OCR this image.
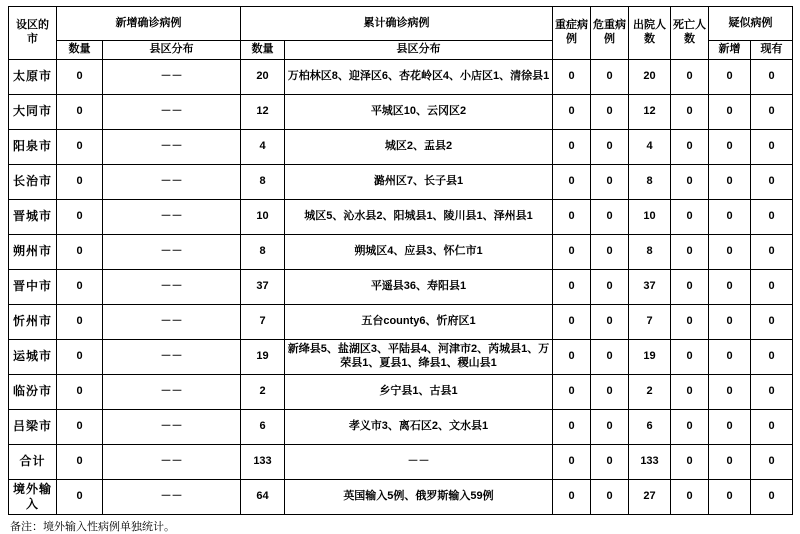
设区的市	新增确诊病例		累计确诊病例		重症病例	危重病例	出院人数	死亡人数	疑似病例	
	数量	县区分布	数量	县区分布					新增	现有
太原市	0	－－	20	万柏林区8、迎泽区6、杏花岭区4、小店区1、清徐县1	0	0	20	0	0	0
大同市	0	－－	12	平城区10、云冈区2	0	0	12	0	0	0
阳泉市	0	－－	4	城区2、盂县2	0	0	4	0	0	0
长治市	0	－－	8	潞州区7、长子县1	0	0	8	0	0	0
晋城市	0	－－	10	城区5、沁水县2、阳城县1、陵川县1、泽州县1	0	0	10	0	0	0
朔州市	0	－－	8	朔城区4、应县3、怀仁市1	0	0	8	0	0	0
晋中市	0	－－	37	平遥县36、寿阳县1	0	0	37	0	0	0
忻州市	0	－－	7	五台county6、忻府区1	0	0	7	0	0	0
运城市	0	－－	19	新绛县5、盐湖区3、平陆县4、河津市2、芮城县1、万荣县1、夏县1、绛县1、稷山县1	0	0	19	0	0	0
临汾市	0	－－	2	乡宁县1、古县1	0	0	2	0	0	0
吕梁市	0	－－	6	孝义市3、离石区2、文水县1	0	0	6	0	0	0
合计	0	－－	133	－－	0	0	133	0	0	0
境外输入	0	－－	64	英国输入5例、俄罗斯输入59例	0	0	27	0	0	0
备注：境外输入性病例单独统计。
